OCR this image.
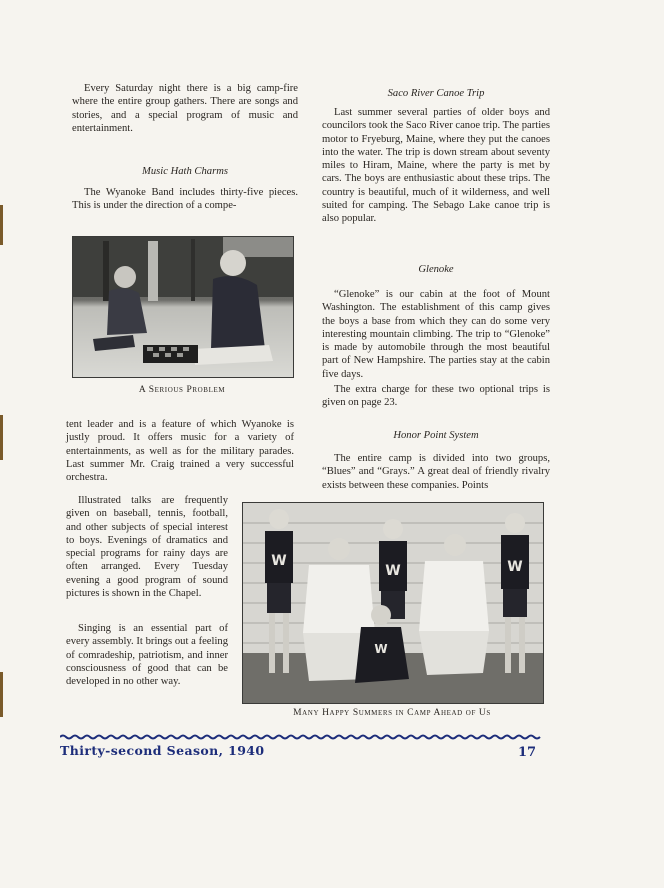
Every Saturday night there is a big camp-fire where the entire group gathers. There are songs and stories, and a special program of music and entertainment.

Music Hath Charms

The Wyanoke Band includes thirty-five pieces. This is under the direction of a compe-

A Serious Problem

tent leader and is a feature of which Wyanoke is justly proud. It offers music for a variety of entertainments, as well as for the military parades. Last summer Mr. Craig trained a very successful orchestra.

Illustrated talks are frequently given on baseball, tennis, football, and other subjects of special interest to boys. Evenings of dramatics and special programs for rainy days are often arranged. Every Tuesday evening a good program of sound pictures is shown in the Chapel.

Singing is an essential part of every assembly. It brings out a feeling of comradeship, patriotism, and inner consciousness of good that can be developed in no other way.

Saco River Canoe Trip

Last summer several parties of older boys and councilors took the Saco River canoe trip. The parties motor to Fryeburg, Maine, where they put the canoes into the water. The trip is down stream about seventy miles to Hiram, Maine, where the party is met by cars. The boys are enthusiastic about these trips. The country is beautiful, much of it wilderness, and well suited for camping. The Sebago Lake canoe trip is also popular.

Glenoke

“Glenoke” is our cabin at the foot of Mount Washington. The establishment of this camp gives the boys a base from which they can do some very interesting mountain climbing. The trip to “Glenoke” is made by automobile through the most beautiful part of New Hampshire. The parties stay at the cabin five days.

The extra charge for these two optional trips is given on page 23.

Honor Point System

The entire camp is divided into two groups, “Blues” and “Grays.” A great deal of friendly rivalry exists between these companies. Points

W
W
W
W
Many Happy Summers in Camp Ahead of Us
Thirty-second Season, 1940	17
